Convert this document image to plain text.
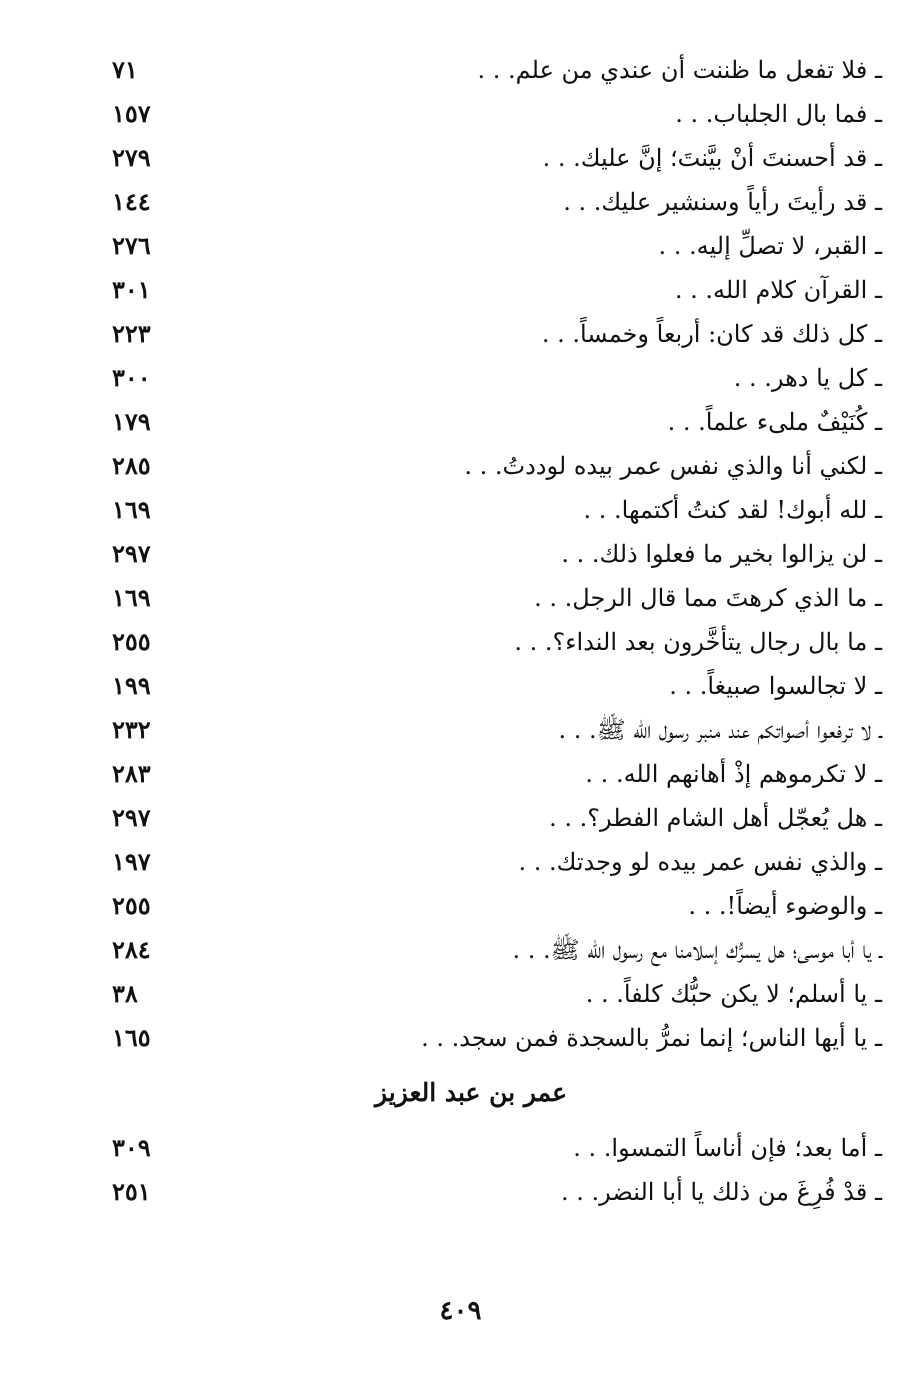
ـ فلا تفعل ما ظننت أن عندي من علم. . .
٧١
ـ فما بال الجلباب. . .
١٥٧
ـ قد أحسنتَ أنْ بيَّنتَ؛ إنَّ عليك. . .
٢٧٩
ـ قد رأيتَ رأياً وسنشير عليك. . .
١٤٤
ـ القبر، لا تصلِّ إليه. . .
٢٧٦
ـ القرآن كلام الله. . .
٣٠١
ـ كل ذلك قد كان: أربعاً وخمساً. . .
٢٢٣
ـ كل يا دهر. . .
٣٠٠
ـ كُنَيْفٌ ملىء علماً. . .
١٧٩
ـ لكني أنا والذي نفس عمر بيده لوددتُ. . .
٢٨٥
ـ لله أبوك! لقد كنتُ أكتمها. . .
١٦٩
ـ لن يزالوا بخير ما فعلوا ذلك. . .
٢٩٧
ـ ما الذي كرهتَ مما قال الرجل. . .
١٦٩
ـ ما بال رجال يتأخَّرون بعد النداء؟. . .
٢٥٥
ـ لا تجالسوا صبيغاً. . .
١٩٩
ـ لا ترفعوا أصواتكم عند منبر رسول الله ﷺ. . .
٢٣٢
ـ لا تكرموهم إذْ أهانهم الله. . .
٢٨٣
ـ هل يُعجّل أهل الشام الفطر؟. . .
٢٩٧
ـ والذي نفس عمر بيده لو وجدتك. . .
١٩٧
ـ والوضوء أيضاً!. . .
٢٥٥
ـ يا أبا موسى؛ هل يسرُّك إسلامنا مع رسول الله ﷺ. . .
٢٨٤
ـ يا أسلم؛ لا يكن حبُّك كلفاً. . .
٣٨
ـ يا أيها الناس؛ إنما نمرُّ بالسجدة فمن سجد. . .
١٦٥
عمر بن عبد العزيز
ـ أما بعد؛ فإن أناساً التمسوا. . .
٣٠٩
ـ قدْ فُرِغَ من ذلك يا أبا النضر. . .
٢٥١
٤٠٩
